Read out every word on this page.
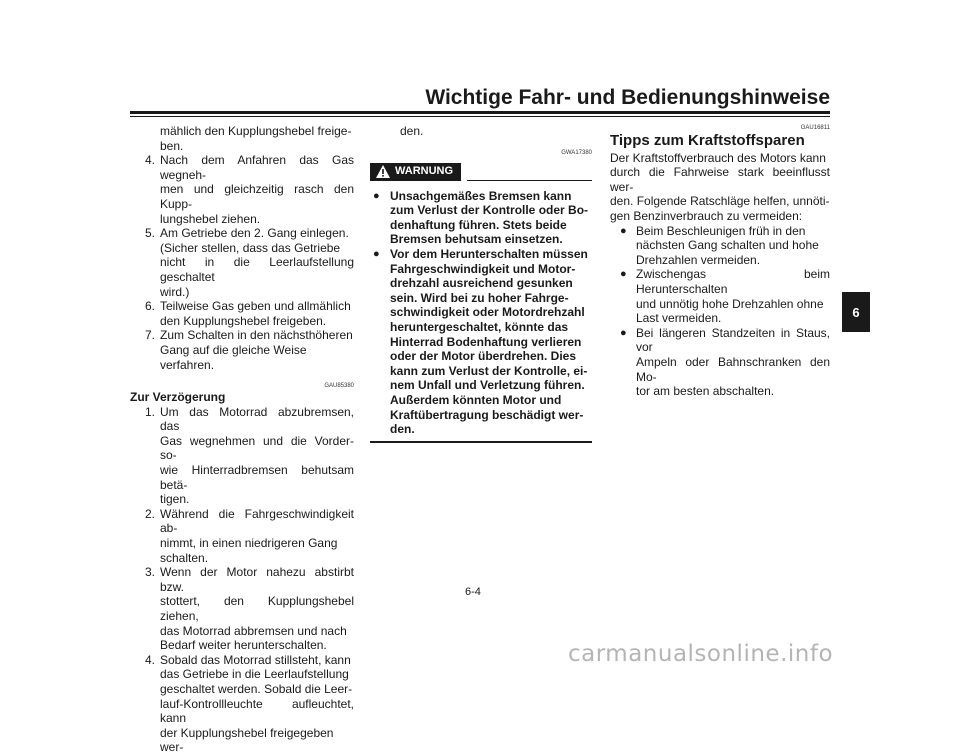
Wichtige Fahr- und Bedienungshinweise
6
mählich den Kupplungshebel freige-
ben.
4. Nach dem Anfahren das Gas wegneh-
men und gleichzeitig rasch den Kupp-
lungshebel ziehen.
5. Am Getriebe den 2. Gang einlegen.
(Sicher stellen, dass das Getriebe
nicht in die Leerlaufstellung geschaltet
wird.)
6. Teilweise Gas geben und allmählich
den Kupplungshebel freigeben.
7. Zum Schalten in den nächsthöheren
Gang auf die gleiche Weise verfahren.
GAU85380
Zur Verzögerung
1. Um das Motorrad abzubremsen, das
Gas wegnehmen und die Vorder- so-
wie Hinterradbremsen behutsam betä-
tigen.
2. Während die Fahrgeschwindigkeit ab-
nimmt, in einen niedrigeren Gang
schalten.
3. Wenn der Motor nahezu abstirbt bzw.
stottert, den Kupplungshebel ziehen,
das Motorrad abbremsen und nach
Bedarf weiter herunterschalten.
4. Sobald das Motorrad stillsteht, kann
das Getriebe in die Leerlaufstellung
geschaltet werden. Sobald die Leer-
lauf-Kontrollleuchte aufleuchtet, kann
der Kupplungshebel freigegeben wer-
den.
GWA17380
WARNUNG
● Unsachgemäßes Bremsen kann
zum Verlust der Kontrolle oder Bo-
denhaftung führen. Stets beide
Bremsen behutsam einsetzen.
● Vor dem Herunterschalten müssen
Fahrgeschwindigkeit und Motor-
drehzahl ausreichend gesunken
sein. Wird bei zu hoher Fahrge-
schwindigkeit oder Motordrehzahl
heruntergeschaltet, könnte das
Hinterrad Bodenhaftung verlieren
oder der Motor überdrehen. Dies
kann zum Verlust der Kontrolle, ei-
nem Unfall und Verletzung führen.
Außerdem könnten Motor und
Kraftübertragung beschädigt wer-
den.
GAU16811
Tipps zum Kraftstoffsparen
Der Kraftstoffverbrauch des Motors kann
durch die Fahrweise stark beeinflusst wer-
den. Folgende Ratschläge helfen, unnöti-
gen Benzinverbrauch zu vermeiden:
● Beim Beschleunigen früh in den
nächsten Gang schalten und hohe
Drehzahlen vermeiden.
● Zwischengas beim Herunterschalten
und unnötig hohe Drehzahlen ohne
Last vermeiden.
● Bei längeren Standzeiten in Staus, vor
Ampeln oder Bahnschranken den Mo-
tor am besten abschalten.
6-4
carmanualsonline.info
